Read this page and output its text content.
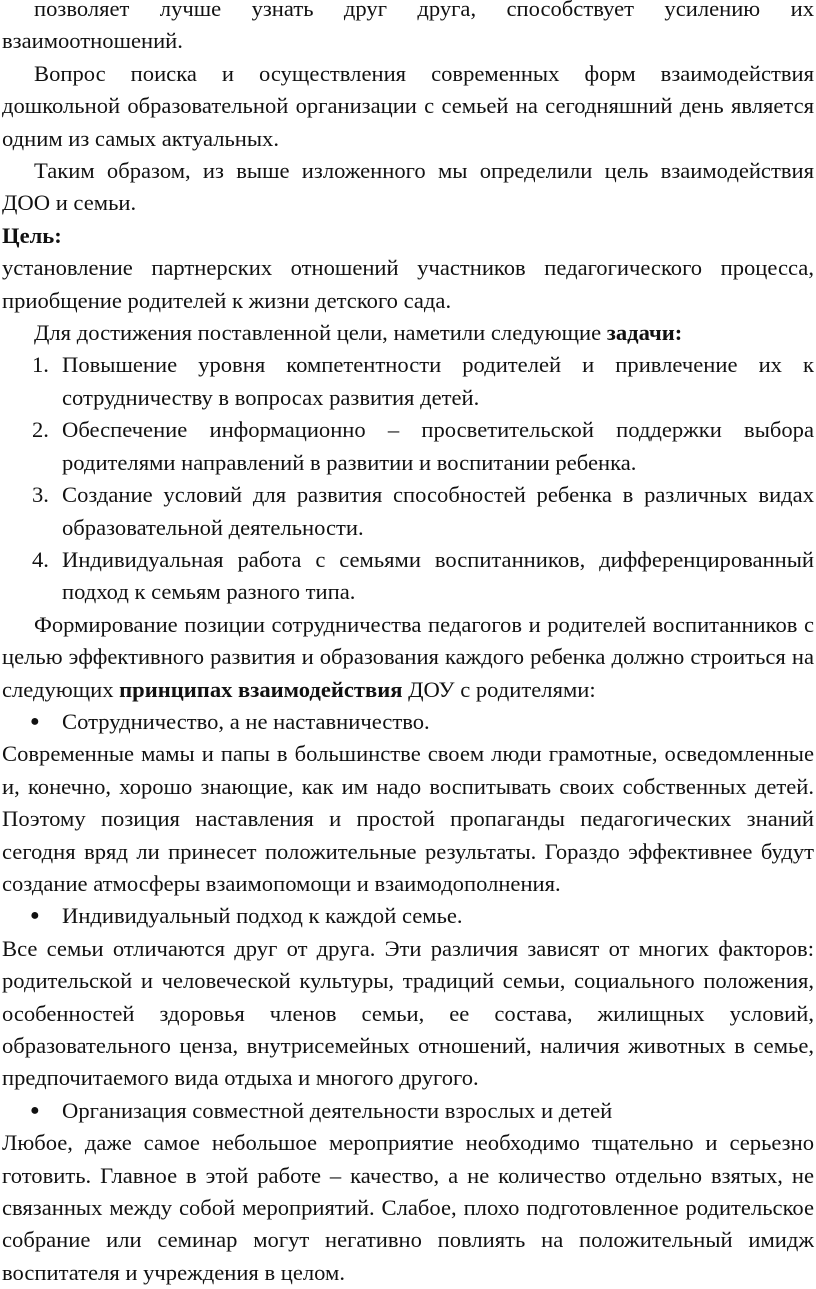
позволяет лучше узнать друг друга, способствует усилению их взаимоотношений.

Вопрос поиска и осуществления современных форм взаимодействия дошкольной образовательной организации с семьей на сегодняшний день является одним из самых актуальных.

Таким образом, из выше изложенного мы определили цель взаимодействия ДОО и семьи.

Цель:

установление партнерских отношений участников педагогического процесса, приобщение родителей к жизни детского сада.

Для достижения поставленной цели, наметили следующие задачи:

1. Повышение уровня компетентности родителей и привлечение их к сотрудничеству в вопросах развития детей.
2. Обеспечение информационно – просветительской поддержки выбора родителями направлений в развитии и воспитании ребенка.
3. Создание условий для развития способностей ребенка в различных видах образовательной деятельности.
4. Индивидуальная работа с семьями воспитанников, дифференцированный подход к семьям разного типа.

Формирование позиции сотрудничества педагогов и родителей воспитанников с целью эффективного развития и образования каждого ребенка должно строиться на следующих принципах взаимодействия ДОУ с родителями:

● Сотрудничество, а не наставничество.

Современные мамы и папы в большинстве своем люди грамотные, осведомленные и, конечно, хорошо знающие, как им надо воспитывать своих собственных детей. Поэтому позиция наставления и простой пропаганды педагогических знаний сегодня вряд ли принесет положительные результаты. Гораздо эффективнее будут создание атмосферы взаимопомощи и взаимодополнения.

● Индивидуальный подход к каждой семье.

Все семьи отличаются друг от друга. Эти различия зависят от многих факторов: родительской и человеческой культуры, традиций семьи, социального положения, особенностей здоровья членов семьи, ее состава, жилищных условий, образовательного ценза, внутрисемейных отношений, наличия животных в семье, предпочитаемого вида отдыха и многого другого.

● Организация совместной деятельности взрослых и детей

Любое, даже самое небольшое мероприятие необходимо тщательно и серьезно готовить. Главное в этой работе – качество, а не количество отдельно взятых, не связанных между собой мероприятий. Слабое, плохо подготовленное родительское собрание или семинар могут негативно повлиять на положительный имидж воспитателя и учреждения в целом.
